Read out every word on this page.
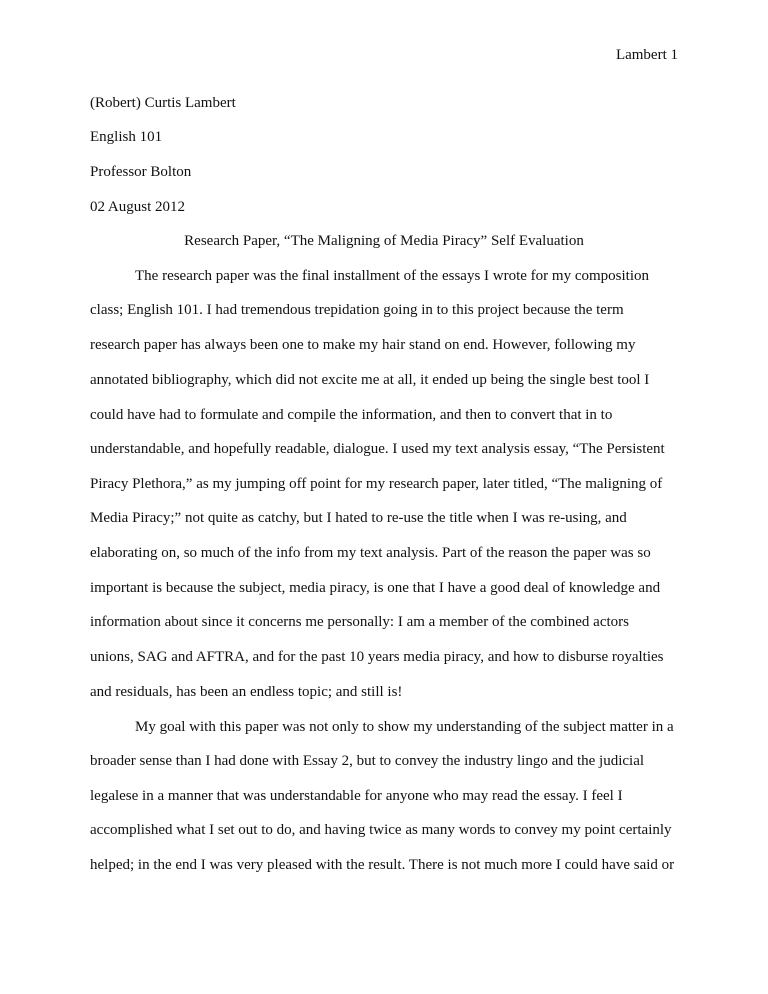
Lambert 1
(Robert) Curtis Lambert
English 101
Professor Bolton
02 August 2012
Research Paper, “The Maligning of Media Piracy” Self Evaluation
The research paper was the final installment of the essays I wrote for my composition
class; English 101. I had tremendous trepidation going in to this project because the term
research paper has always been one to make my hair stand on end. However, following my
annotated bibliography, which did not excite me at all, it ended up being the single best tool I
could have had to formulate and compile the information, and then to convert that in to
understandable, and hopefully readable, dialogue. I used my text analysis essay, “The Persistent
Piracy Plethora,” as my jumping off point for my research paper, later titled, “The maligning of
Media Piracy;” not quite as catchy, but I hated to re-use the title when I was re-using, and
elaborating on, so much of the info from my text analysis. Part of the reason the paper was so
important is because the subject, media piracy, is one that I have a good deal of knowledge and
information about since it concerns me personally: I am a member of the combined actors
unions, SAG and AFTRA, and for the past 10 years media piracy, and how to disburse royalties
and residuals, has been an endless topic; and still is!
My goal with this paper was not only to show my understanding of the subject matter in a
broader sense than I had done with Essay 2, but to convey the industry lingo and the judicial
legalese in a manner that was understandable for anyone who may read the essay. I feel I
accomplished what I set out to do, and having twice as many words to convey my point certainly
helped; in the end I was very pleased with the result. There is not much more I could have said or
